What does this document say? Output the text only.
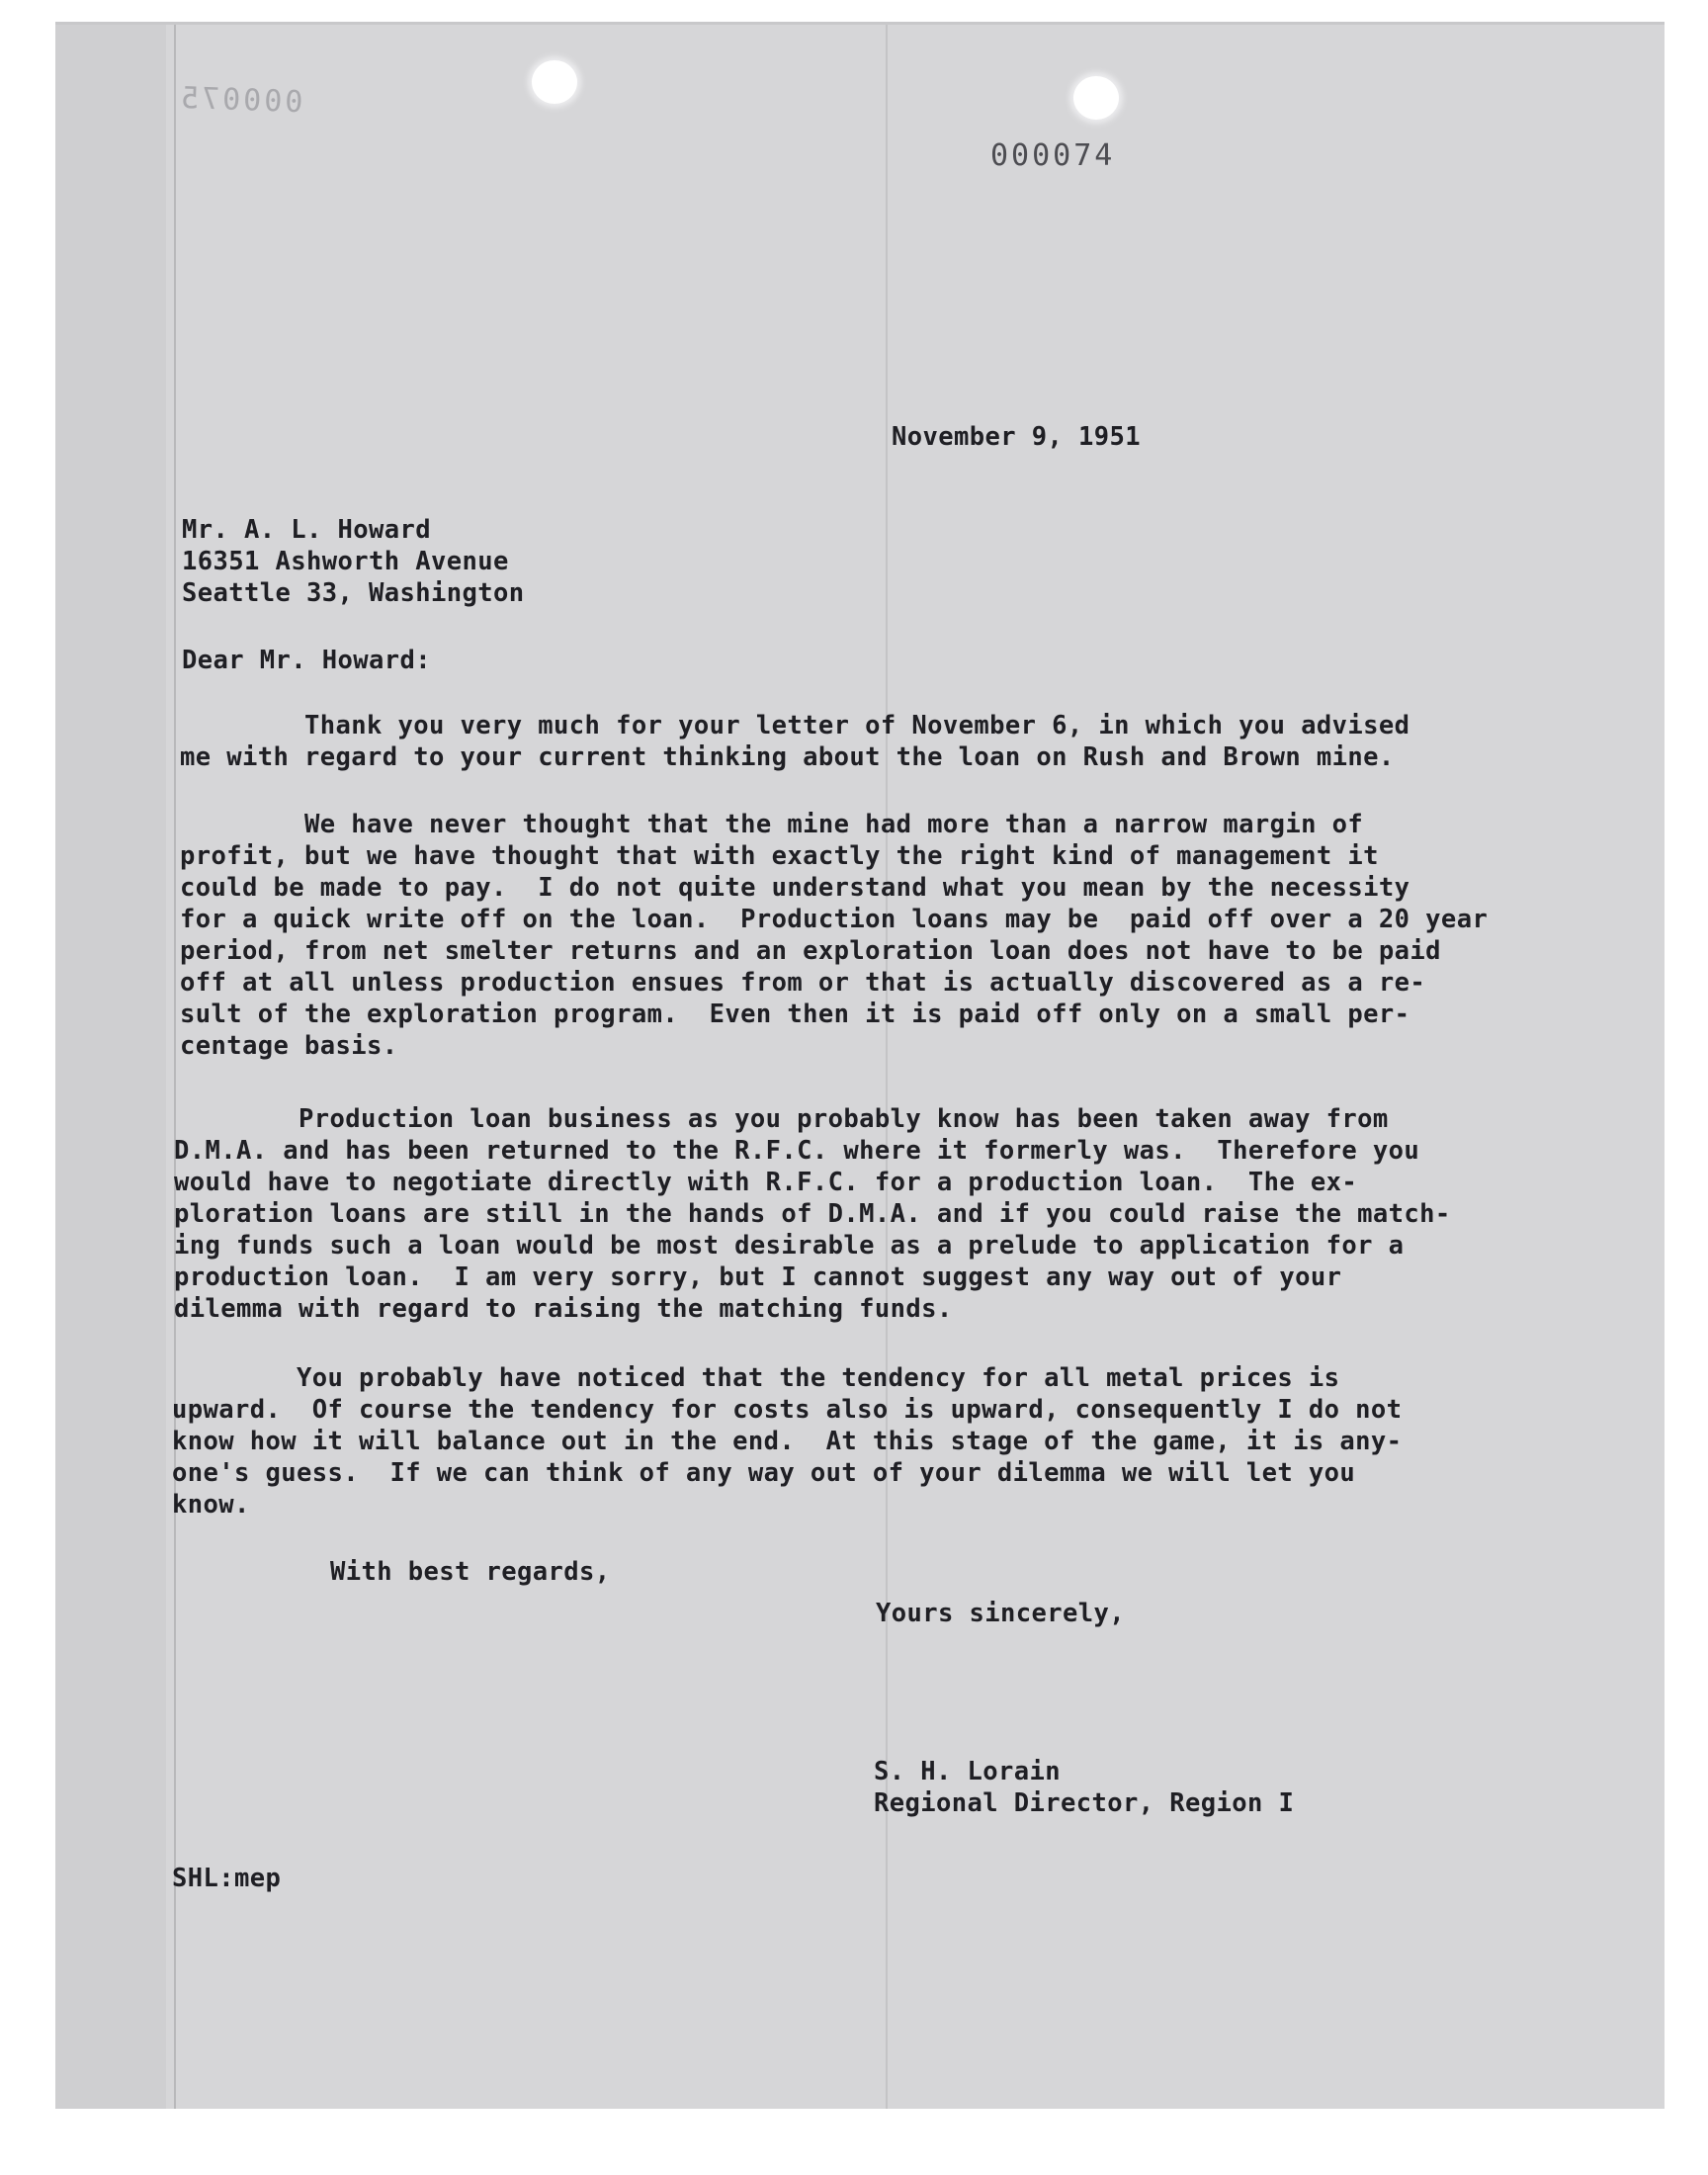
000075
000074
November 9, 1951
Mr. A. L. Howard
16351 Ashworth Avenue
Seattle 33, Washington
Dear Mr. Howard:
Thank you very much for your letter of November 6, in which you advised
me with regard to your current thinking about the loan on Rush and Brown mine.
We have never thought that the mine had more than a narrow margin of
profit, but we have thought that with exactly the right kind of management it
could be made to pay.  I do not quite understand what you mean by the necessity
for a quick write off on the loan.  Production loans may be  paid off over a 20 year
period, from net smelter returns and an exploration loan does not have to be paid
off at all unless production ensues from or that is actually discovered as a re-
sult of the exploration program.  Even then it is paid off only on a small per-
centage basis.
Production loan business as you probably know has been taken away from
D.M.A. and has been returned to the R.F.C. where it formerly was.  Therefore you
would have to negotiate directly with R.F.C. for a production loan.  The ex-
ploration loans are still in the hands of D.M.A. and if you could raise the match-
ing funds such a loan would be most desirable as a prelude to application for a
production loan.  I am very sorry, but I cannot suggest any way out of your
dilemma with regard to raising the matching funds.
You probably have noticed that the tendency for all metal prices is
upward.  Of course the tendency for costs also is upward, consequently I do not
know how it will balance out in the end.  At this stage of the game, it is any-
one's guess.  If we can think of any way out of your dilemma we will let you
know.
With best regards,
Yours sincerely,
S. H. Lorain
Regional Director, Region I
SHL:mep
